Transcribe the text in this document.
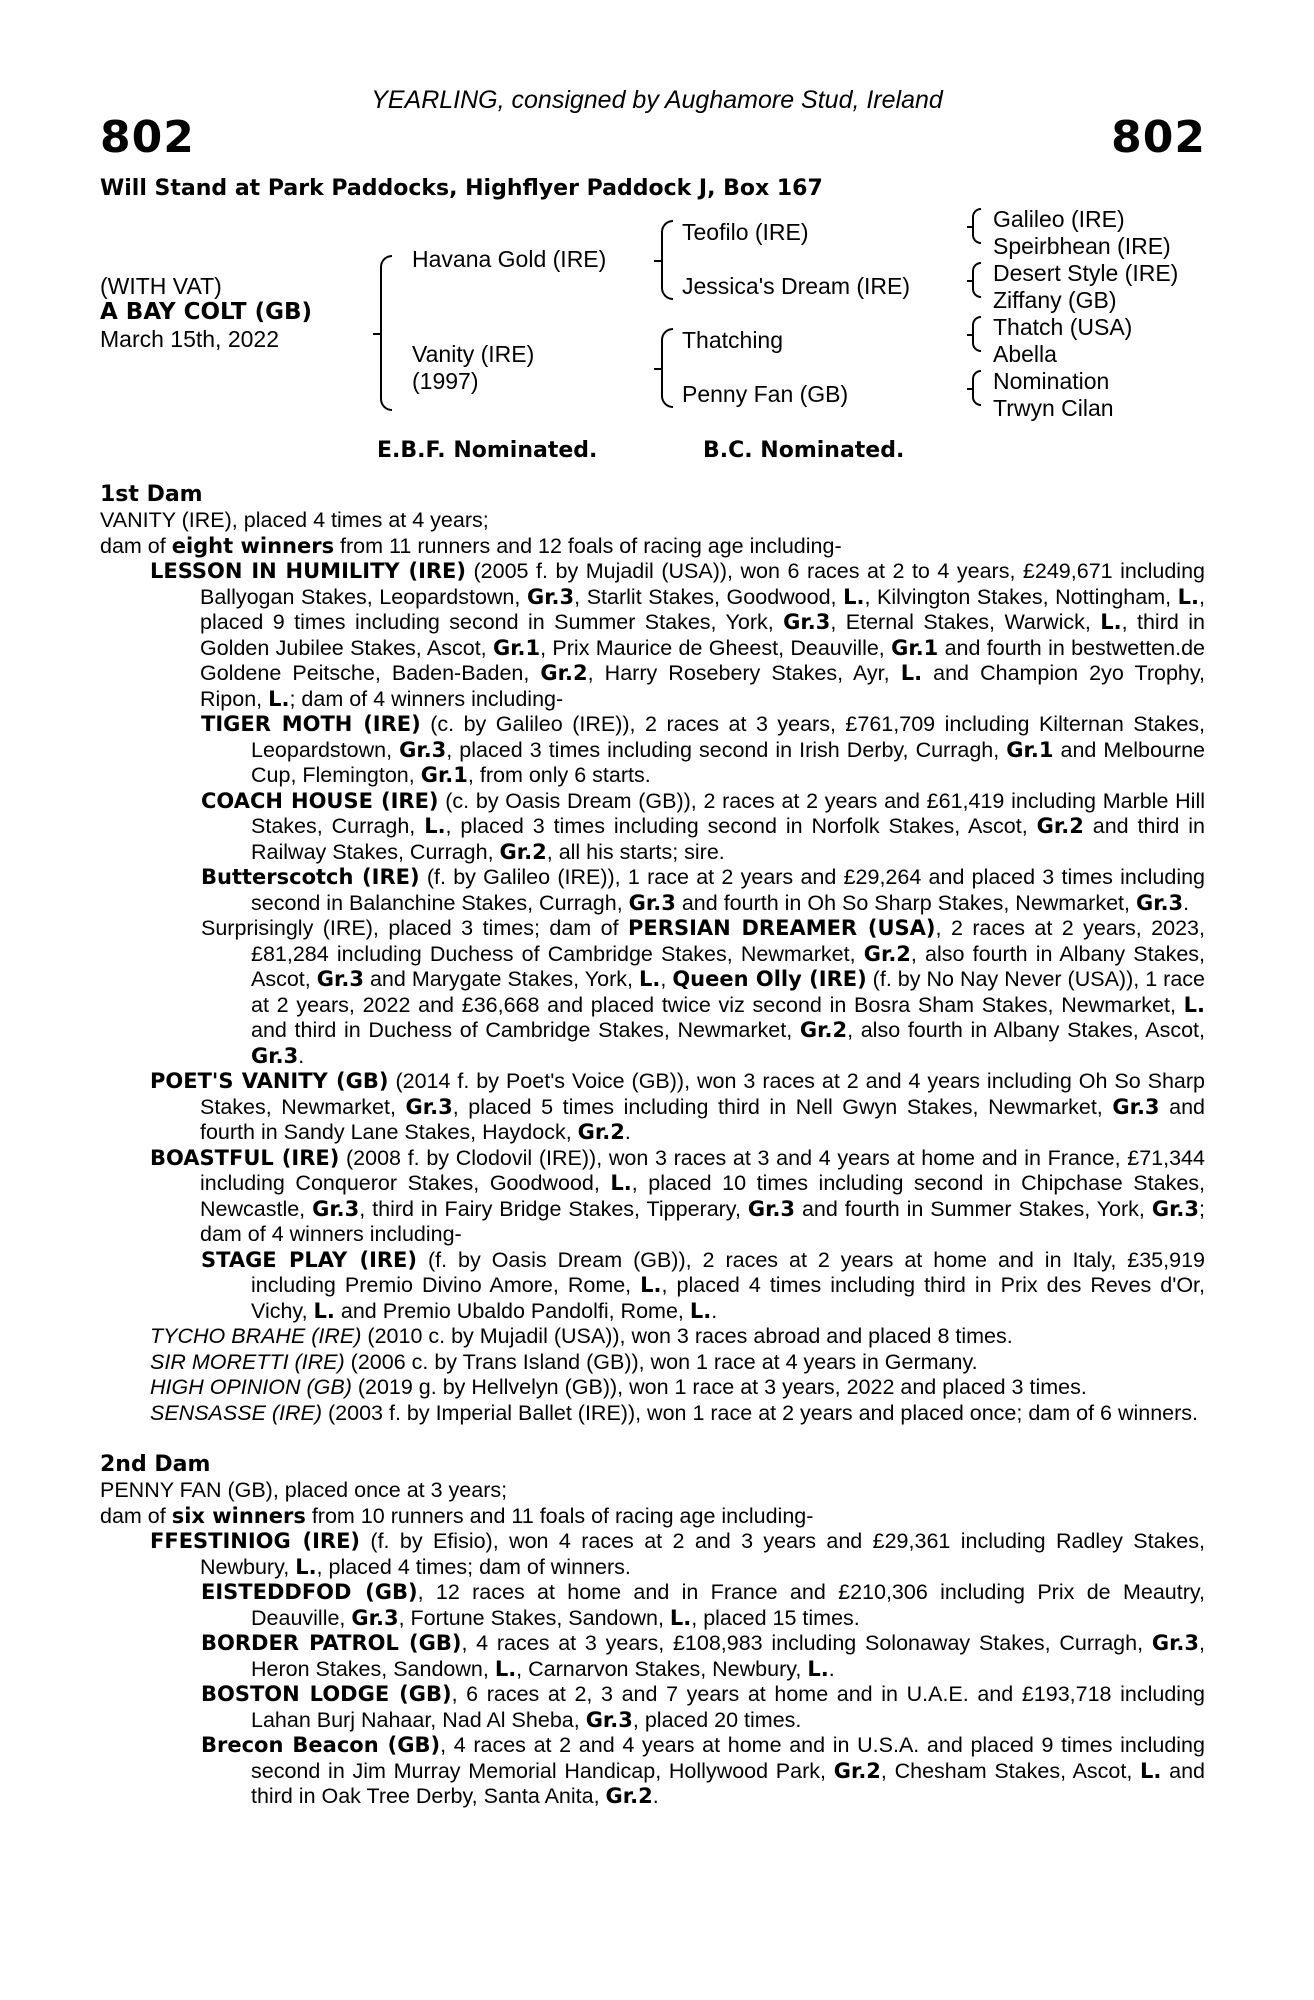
YEARLING, consigned by Aughamore Stud, Ireland
802	802
Will Stand at Park Paddocks, Highflyer Paddock J, Box 167
(WITH VAT)
A BAY COLT (GB)
March 15th, 2022
Havana Gold (IRE)
Vanity (IRE)
(1997)
Teofilo (IRE)
Jessica's Dream (IRE)
Thatching
Penny Fan (GB)
Galileo (IRE)
Speirbhean (IRE)
Desert Style (IRE)
Ziffany (GB)
Thatch (USA)
Abella
Nomination
Trwyn Cilan
E.B.F. Nominated.	B.C. Nominated.
1st Dam
VANITY (IRE), placed 4 times at 4 years;
dam of eight winners from 11 runners and 12 foals of racing age including-
LESSON IN HUMILITY (IRE) (2005 f. by Mujadil (USA)), won 6 races at 2 to 4 years, £249,671 including Ballyogan Stakes, Leopardstown, Gr.3, Starlit Stakes, Goodwood, L., Kilvington Stakes, Nottingham, L., placed 9 times including second in Summer Stakes, York, Gr.3, Eternal Stakes, Warwick, L., third in Golden Jubilee Stakes, Ascot, Gr.1, Prix Maurice de Gheest, Deauville, Gr.1 and fourth in bestwetten.de Goldene Peitsche, Baden-Baden, Gr.2, Harry Rosebery Stakes, Ayr, L. and Champion 2yo Trophy, Ripon, L.; dam of 4 winners including-
TIGER MOTH (IRE) (c. by Galileo (IRE)), 2 races at 3 years, £761,709 including Kilternan Stakes, Leopardstown, Gr.3, placed 3 times including second in Irish Derby, Curragh, Gr.1 and Melbourne Cup, Flemington, Gr.1, from only 6 starts.
COACH HOUSE (IRE) (c. by Oasis Dream (GB)), 2 races at 2 years and £61,419 including Marble Hill Stakes, Curragh, L., placed 3 times including second in Norfolk Stakes, Ascot, Gr.2 and third in Railway Stakes, Curragh, Gr.2, all his starts; sire.
Butterscotch (IRE) (f. by Galileo (IRE)), 1 race at 2 years and £29,264 and placed 3 times including second in Balanchine Stakes, Curragh, Gr.3 and fourth in Oh So Sharp Stakes, Newmarket, Gr.3.
Surprisingly (IRE), placed 3 times; dam of PERSIAN DREAMER (USA), 2 races at 2 years, 2023, £81,284 including Duchess of Cambridge Stakes, Newmarket, Gr.2, also fourth in Albany Stakes, Ascot, Gr.3 and Marygate Stakes, York, L., Queen Olly (IRE) (f. by No Nay Never (USA)), 1 race at 2 years, 2022 and £36,668 and placed twice viz second in Bosra Sham Stakes, Newmarket, L. and third in Duchess of Cambridge Stakes, Newmarket, Gr.2, also fourth in Albany Stakes, Ascot, Gr.3.
POET'S VANITY (GB) (2014 f. by Poet's Voice (GB)), won 3 races at 2 and 4 years including Oh So Sharp Stakes, Newmarket, Gr.3, placed 5 times including third in Nell Gwyn Stakes, Newmarket, Gr.3 and fourth in Sandy Lane Stakes, Haydock, Gr.2.
BOASTFUL (IRE) (2008 f. by Clodovil (IRE)), won 3 races at 3 and 4 years at home and in France, £71,344 including Conqueror Stakes, Goodwood, L., placed 10 times including second in Chipchase Stakes, Newcastle, Gr.3, third in Fairy Bridge Stakes, Tipperary, Gr.3 and fourth in Summer Stakes, York, Gr.3; dam of 4 winners including-
STAGE PLAY (IRE) (f. by Oasis Dream (GB)), 2 races at 2 years at home and in Italy, £35,919 including Premio Divino Amore, Rome, L., placed 4 times including third in Prix des Reves d'Or, Vichy, L. and Premio Ubaldo Pandolfi, Rome, L..
TYCHO BRAHE (IRE) (2010 c. by Mujadil (USA)), won 3 races abroad and placed 8 times.
SIR MORETTI (IRE) (2006 c. by Trans Island (GB)), won 1 race at 4 years in Germany.
HIGH OPINION (GB) (2019 g. by Hellvelyn (GB)), won 1 race at 3 years, 2022 and placed 3 times.
SENSASSE (IRE) (2003 f. by Imperial Ballet (IRE)), won 1 race at 2 years and placed once; dam of 6 winners.
2nd Dam
PENNY FAN (GB), placed once at 3 years;
dam of six winners from 10 runners and 11 foals of racing age including-
FFESTINIOG (IRE) (f. by Efisio), won 4 races at 2 and 3 years and £29,361 including Radley Stakes, Newbury, L., placed 4 times; dam of winners.
EISTEDDFOD (GB), 12 races at home and in France and £210,306 including Prix de Meautry, Deauville, Gr.3, Fortune Stakes, Sandown, L., placed 15 times.
BORDER PATROL (GB), 4 races at 3 years, £108,983 including Solonaway Stakes, Curragh, Gr.3, Heron Stakes, Sandown, L., Carnarvon Stakes, Newbury, L..
BOSTON LODGE (GB), 6 races at 2, 3 and 7 years at home and in U.A.E. and £193,718 including Lahan Burj Nahaar, Nad Al Sheba, Gr.3, placed 20 times.
Brecon Beacon (GB), 4 races at 2 and 4 years at home and in U.S.A. and placed 9 times including second in Jim Murray Memorial Handicap, Hollywood Park, Gr.2, Chesham Stakes, Ascot, L. and third in Oak Tree Derby, Santa Anita, Gr.2.
